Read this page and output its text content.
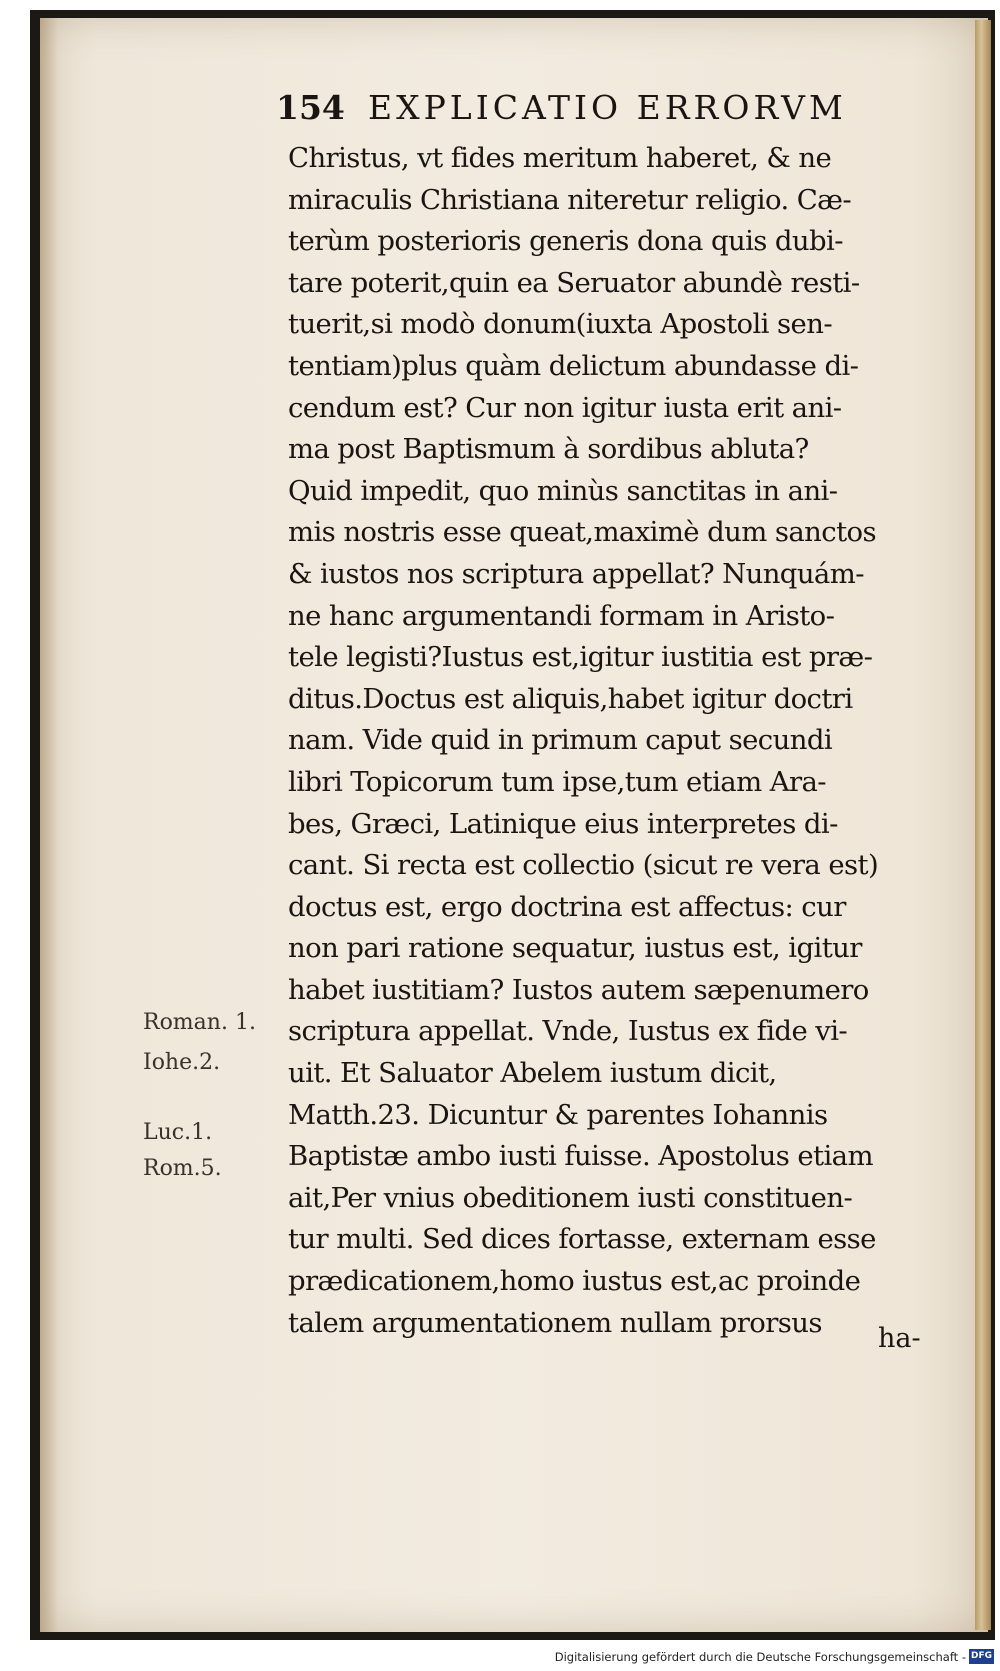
154 EXPLICATIO ERRORVM
Christus, vt fides meritum haberet, & ne
miraculis Christiana niteretur religio. Cæ-
terùm posterioris generis dona quis dubi-
tare poterit,quin ea Seruator abundè resti-
tuerit,si modò donum(iuxta Apostoli sen-
tentiam)plus quàm delictum abundasse di-
cendum est? Cur non igitur iusta erit ani-
ma post Baptismum à sordibus abluta?
Quid impedit, quo minùs sanctitas in ani-
mis nostris esse queat,maximè dum sanctos
& iustos nos scriptura appellat? Nunquám-
ne hanc argumentandi formam in Aristo-
tele legisti?Iustus est,igitur iustitia est præ-
ditus.Doctus est aliquis,habet igitur doctri
nam. Vide quid in primum caput secundi
libri Topicorum tum ipse,tum etiam Ara-
bes, Græci, Latinique eius interpretes di-
cant. Si recta est collectio (sicut re vera est)
doctus est, ergo doctrina est affectus: cur
non pari ratione sequatur, iustus est, igitur
habet iustitiam? Iustos autem sæpenumero
scriptura appellat. Vnde, Iustus ex fide vi-
uit. Et Saluator Abelem iustum dicit,
Matth.23. Dicuntur & parentes Iohannis
Baptistæ ambo iusti fuisse. Apostolus etiam
ait,Per vnius obeditionem iusti constituen-
tur multi. Sed dices fortasse, externam esse
prædicationem,homo iustus est,ac proinde
talem argumentationem nullam prorsus	ha-
Roman. 1.
Iohe.2.
Luc.1.
Rom.5.
Digitalisierung gefördert durch die Deutsche Forschungsgemeinschaft - DFG
